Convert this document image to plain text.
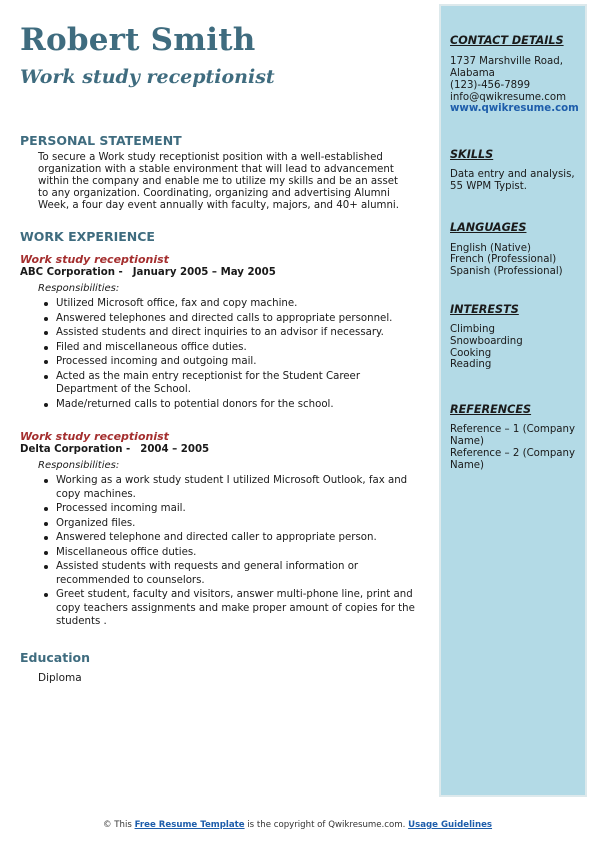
Robert Smith
Work study receptionist
PERSONAL STATEMENT
To secure a Work study receptionist position with a well-established organization with a stable environment that will lead to advancement within the company and enable me to utilize my skills and be an asset to any organization. Coordinating, organizing and advertising Alumni Week, a four day event annually with faculty, majors, and 40+ alumni.
WORK EXPERIENCE
Work study receptionist
ABC Corporation - January 2005 – May 2005
Responsibilities:
Utilized Microsoft office, fax and copy machine.
Answered telephones and directed calls to appropriate personnel.
Assisted students and direct inquiries to an advisor if necessary.
Filed and miscellaneous office duties.
Processed incoming and outgoing mail.
Acted as the main entry receptionist for the Student Career Department of the School.
Made/returned calls to potential donors for the school.
Work study receptionist
Delta Corporation - 2004 – 2005
Responsibilities:
Working as a work study student I utilized Microsoft Outlook, fax and copy machines.
Processed incoming mail.
Organized files.
Answered telephone and directed caller to appropriate person.
Miscellaneous office duties.
Assisted students with requests and general information or recommended to counselors.
Greet student, faculty and visitors, answer multi-phone line, print and copy teachers assignments and make proper amount of copies for the students .
Education
Diploma
CONTACT DETAILS
1737 Marshville Road, Alabama
(123)-456-7899
info@qwikresume.com
www.qwikresume.com
SKILLS
Data entry and analysis, 55 WPM Typist.
LANGUAGES
English (Native)
French (Professional)
Spanish (Professional)
INTERESTS
Climbing
Snowboarding
Cooking
Reading
REFERENCES
Reference – 1 (Company Name)
Reference – 2 (Company Name)
© This Free Resume Template is the copyright of Qwikresume.com. Usage Guidelines
